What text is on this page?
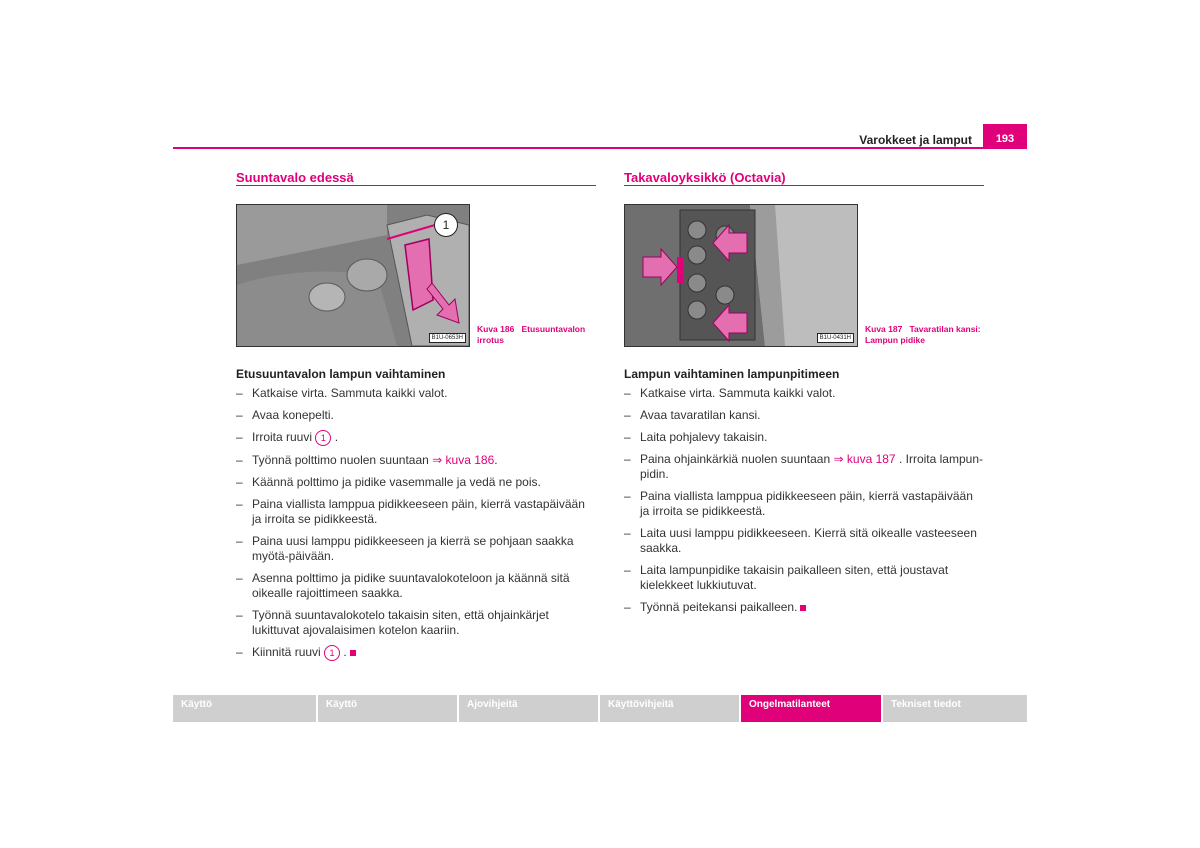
Varokkeet ja lamput	193
Suuntavalo edessä
1
B1U-0653H
Kuva 186 Etusuuntavalon irrotus
Etusuuntavalon lampun vaihtaminen
– Katkaise virta. Sammuta kaikki valot.
– Avaa konepelti.
– Irroita ruuvi 1 .
– Työnnä polttimo nuolen suuntaan ⇒ kuva 186.
– Käännä polttimo ja pidike vasemmalle ja vedä ne pois.
– Paina viallista lamppua pidikkeeseen päin, kierrä vastapäivään ja irroita se pidikkeestä.
– Paina uusi lamppu pidikkeeseen ja kierrä se pohjaan saakka myötä-päivään.
– Asenna polttimo ja pidike suuntavalokoteloon ja käännä sitä oikealle rajoittimeen saakka.
– Työnnä suuntavalokotelo takaisin siten, että ohjainkärjet lukittuvat ajovalaisimen kotelon kaariin.
– Kiinnitä ruuvi 1 .
Takavaloyksikkö (Octavia)
B1U-0431H
Kuva 187 Tavaratilan kansi: Lampun pidike
Lampun vaihtaminen lampunpitimeen
– Katkaise virta. Sammuta kaikki valot.
– Avaa tavaratilan kansi.
– Laita pohjalevy takaisin.
– Paina ohjainkärkiä nuolen suuntaan ⇒ kuva 187 . Irroita lampun-pidin.
– Paina viallista lamppua pidikkeeseen päin, kierrä vastapäivään ja irroita se pidikkeestä.
– Laita uusi lamppu pidikkeeseen. Kierrä sitä oikealle vasteeseen saakka.
– Laita lampunpidike takaisin paikalleen siten, että joustavat kielekkeet lukkiutuvat.
– Työnnä peitekansi paikalleen.
Käyttö	Käyttö	Ajovihjeitä	Käyttövihjeitä	Ongelmatilanteet	Tekniset tiedot
